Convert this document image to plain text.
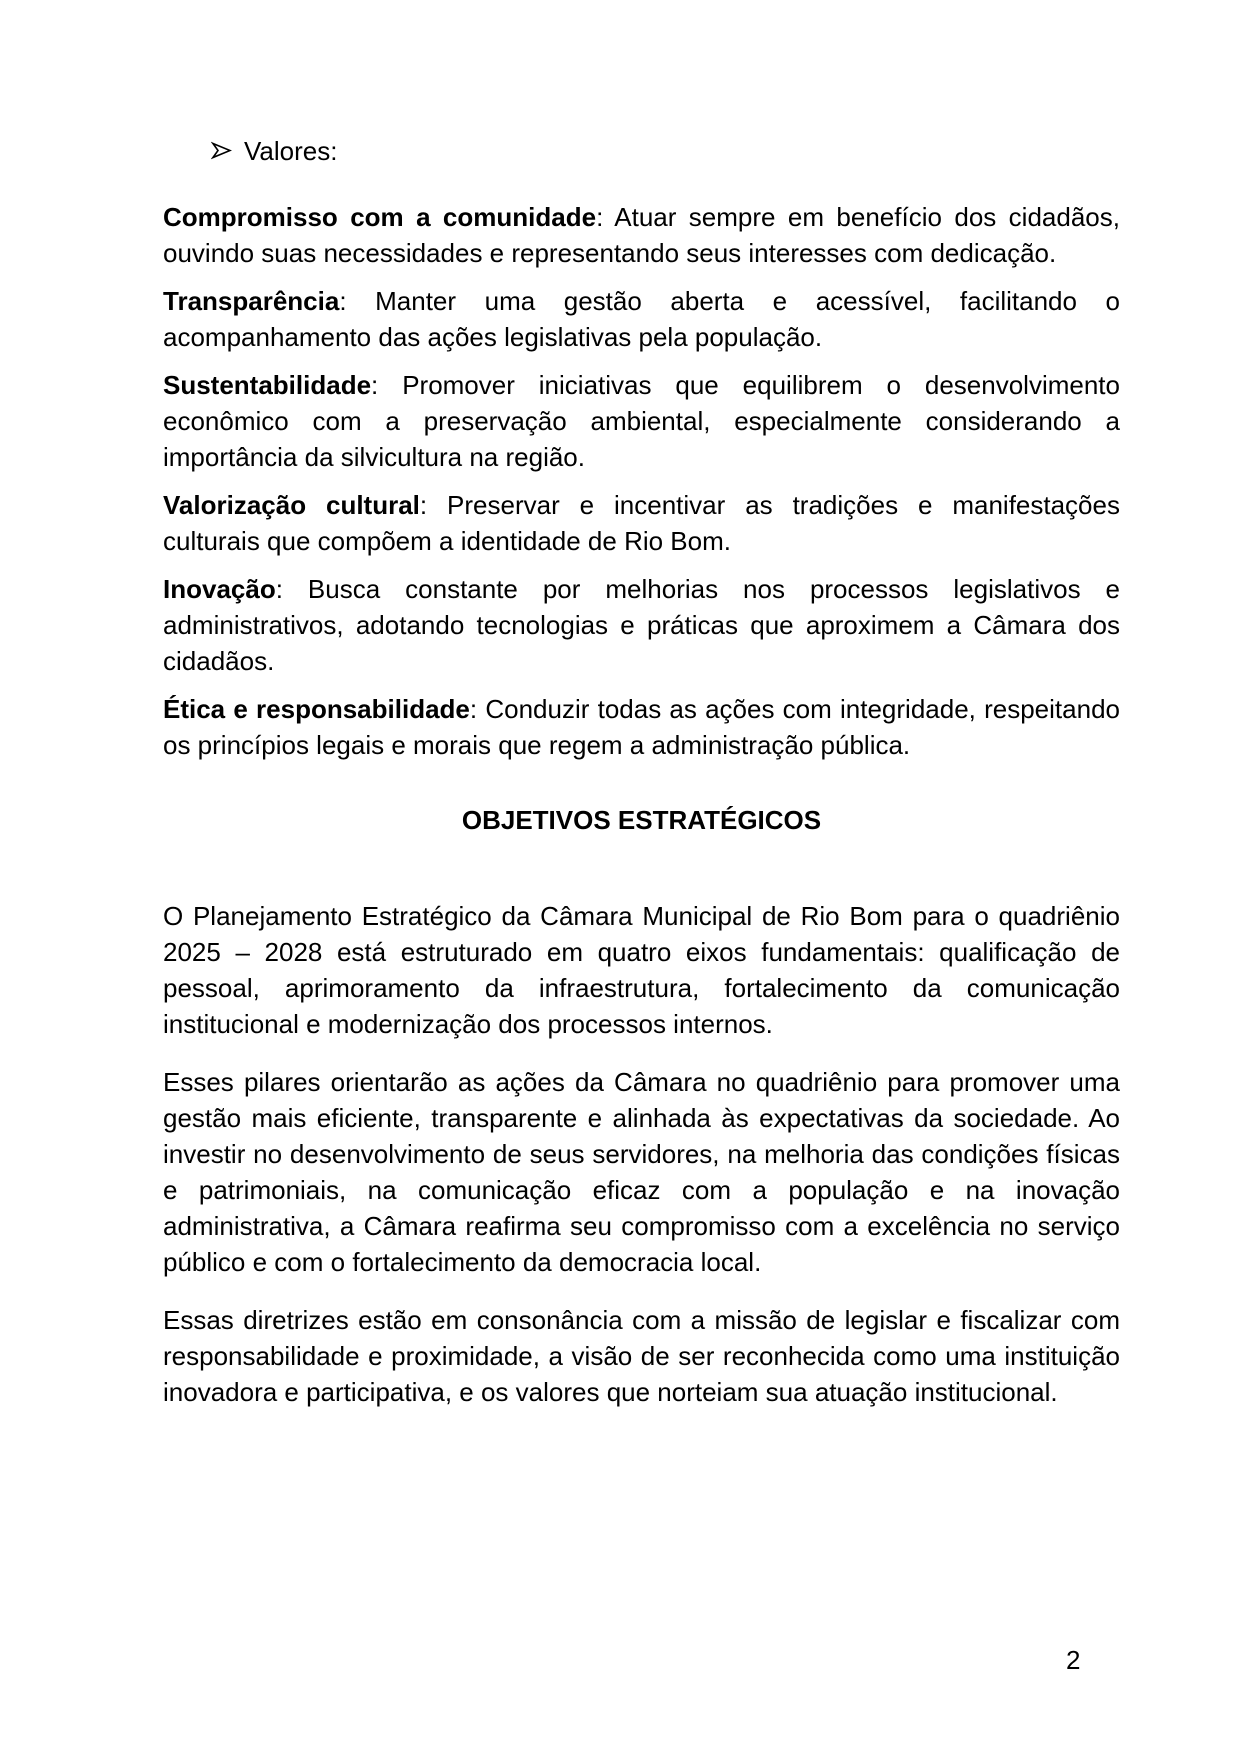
Valores:

Compromisso com a comunidade: Atuar sempre em benefício dos cidadãos, ouvindo suas necessidades e representando seus interesses com dedicação.

Transparência: Manter uma gestão aberta e acessível, facilitando o acompanhamento das ações legislativas pela população.

Sustentabilidade: Promover iniciativas que equilibrem o desenvolvimento econômico com a preservação ambiental, especialmente considerando a importância da silvicultura na região.

Valorização cultural: Preservar e incentivar as tradições e manifestações culturais que compõem a identidade de Rio Bom.

Inovação: Busca constante por melhorias nos processos legislativos e administrativos, adotando tecnologias e práticas que aproximem a Câmara dos cidadãos.

Ética e responsabilidade: Conduzir todas as ações com integridade, respeitando os princípios legais e morais que regem a administração pública.

OBJETIVOS ESTRATÉGICOS

O Planejamento Estratégico da Câmara Municipal de Rio Bom para o quadriênio 2025 – 2028 está estruturado em quatro eixos fundamentais: qualificação de pessoal, aprimoramento da infraestrutura, fortalecimento da comunicação institucional e modernização dos processos internos.

Esses pilares orientarão as ações da Câmara no quadriênio para promover uma gestão mais eficiente, transparente e alinhada às expectativas da sociedade. Ao investir no desenvolvimento de seus servidores, na melhoria das condições físicas e patrimoniais, na comunicação eficaz com a população e na inovação administrativa, a Câmara reafirma seu compromisso com a excelência no serviço público e com o fortalecimento da democracia local.

Essas diretrizes estão em consonância com a missão de legislar e fiscalizar com responsabilidade e proximidade, a visão de ser reconhecida como uma instituição inovadora e participativa, e os valores que norteiam sua atuação institucional.

2
